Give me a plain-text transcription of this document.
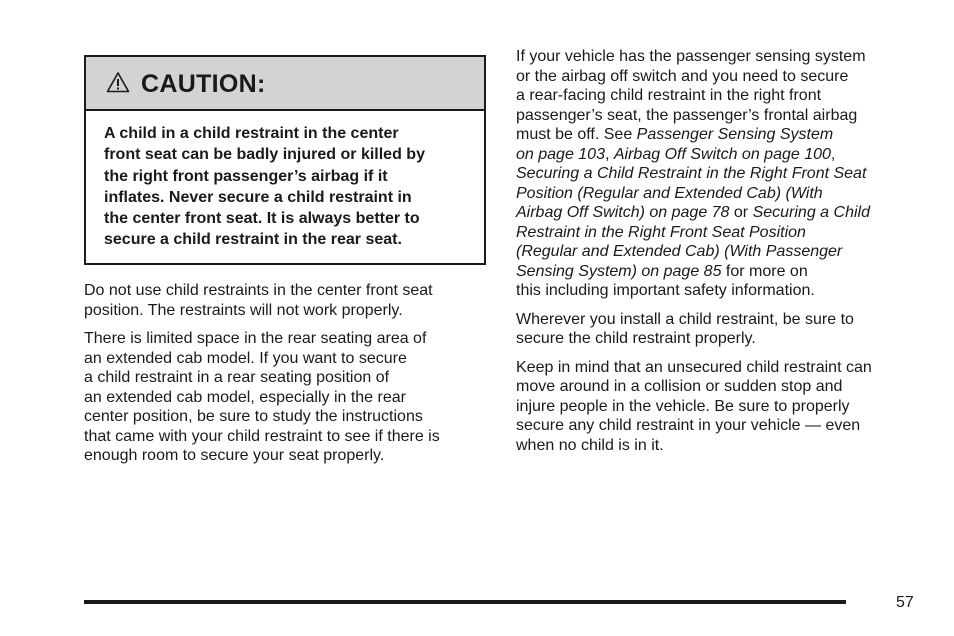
CAUTION:
A child in a child restraint in the center
front seat can be badly injured or killed by
the right front passenger’s airbag if it
inflates. Never secure a child restraint in
the center front seat. It is always better to
secure a child restraint in the rear seat.

Do not use child restraints in the center front seat
position. The restraints will not work properly.

There is limited space in the rear seating area of
an extended cab model. If you want to secure
a child restraint in a rear seating position of
an extended cab model, especially in the rear
center position, be sure to study the instructions
that came with your child restraint to see if there is
enough room to secure your seat properly.

If your vehicle has the passenger sensing system
or the airbag off switch and you need to secure
a rear-facing child restraint in the right front
passenger’s seat, the passenger’s frontal airbag
must be off. See Passenger Sensing System
on page 103, Airbag Off Switch on page 100,
Securing a Child Restraint in the Right Front Seat
Position (Regular and Extended Cab) (With
Airbag Off Switch) on page 78 or Securing a Child
Restraint in the Right Front Seat Position
(Regular and Extended Cab) (With Passenger
Sensing System) on page 85 for more on
this including important safety information.

Wherever you install a child restraint, be sure to
secure the child restraint properly.

Keep in mind that an unsecured child restraint can
move around in a collision or sudden stop and
injure people in the vehicle. Be sure to properly
secure any child restraint in your vehicle — even
when no child is in it.

57
